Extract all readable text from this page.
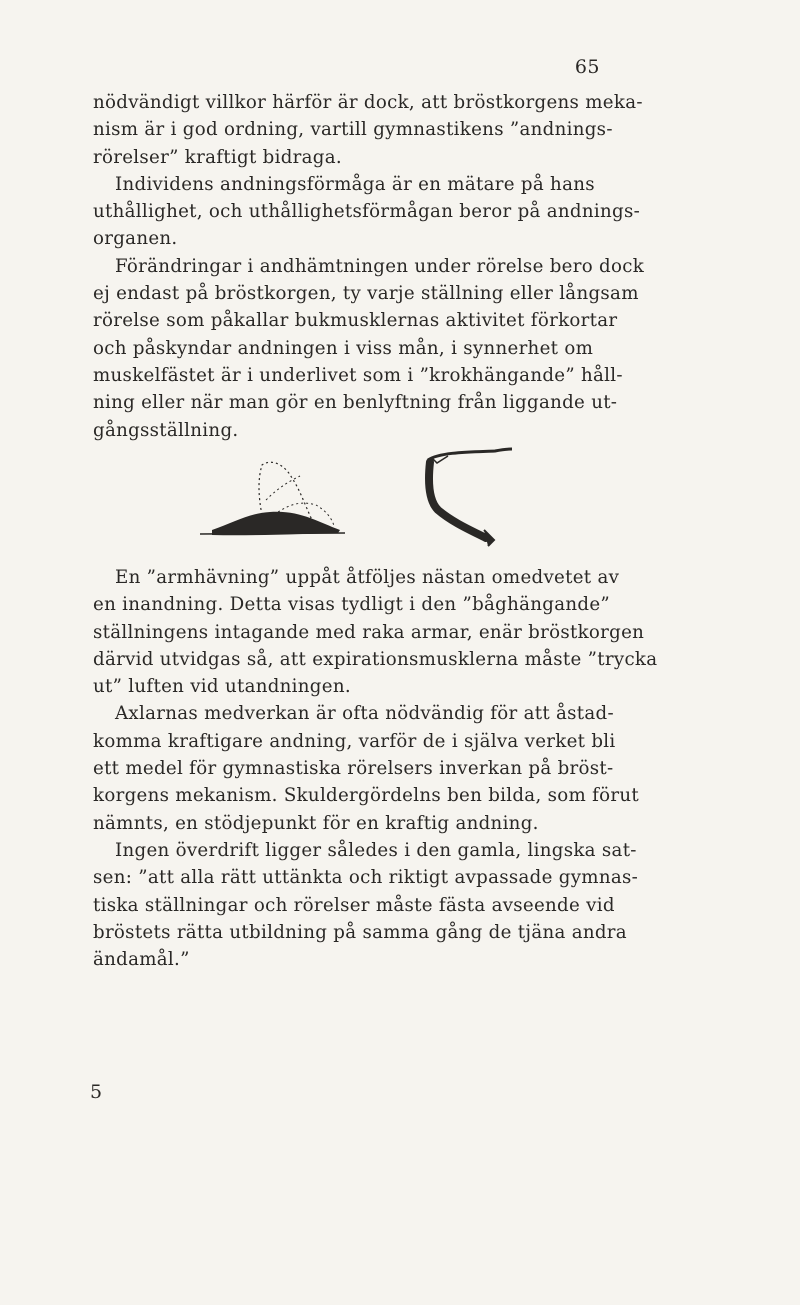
65
nödvändigt villkor härför är dock, att bröstkorgens meka-
nism är i god ordning, vartill gymnastikens ”andnings-
rörelser” kraftigt bidraga.
Individens andningsförmåga är en mätare på hans
uthållighet, och uthållighetsförmågan beror på andnings-
organen.
Förändringar i andhämtningen under rörelse bero dock
ej endast på bröstkorgen, ty varje ställning eller långsam
rörelse som påkallar bukmusklernas aktivitet förkortar
och påskyndar andningen i viss mån, i synnerhet om
muskelfästet är i underlivet som i ”krokhängande” håll-
ning eller när man gör en benlyftning från liggande ut-
gångsställning.
En ”armhävning” uppåt åtföljes nästan omedvetet av
en inandning. Detta visas tydligt i den ”båghängande”
ställningens intagande med raka armar, enär bröstkorgen
därvid utvidgas så, att expirationsmusklerna måste ”trycka
ut” luften vid utandningen.
Axlarnas medverkan är ofta nödvändig för att åstad-
komma kraftigare andning, varför de i själva verket bli
ett medel för gymnastiska rörelsers inverkan på bröst-
korgens mekanism. Skuldergördelns ben bilda, som förut
nämnts, en stödjepunkt för en kraftig andning.
Ingen överdrift ligger således i den gamla, lingska sat-
sen: ”att alla rätt uttänkta och riktigt avpassade gymnas-
tiska ställningar och rörelser måste fästa avseende vid
bröstets rätta utbildning på samma gång de tjäna andra
ändamål.”
5
